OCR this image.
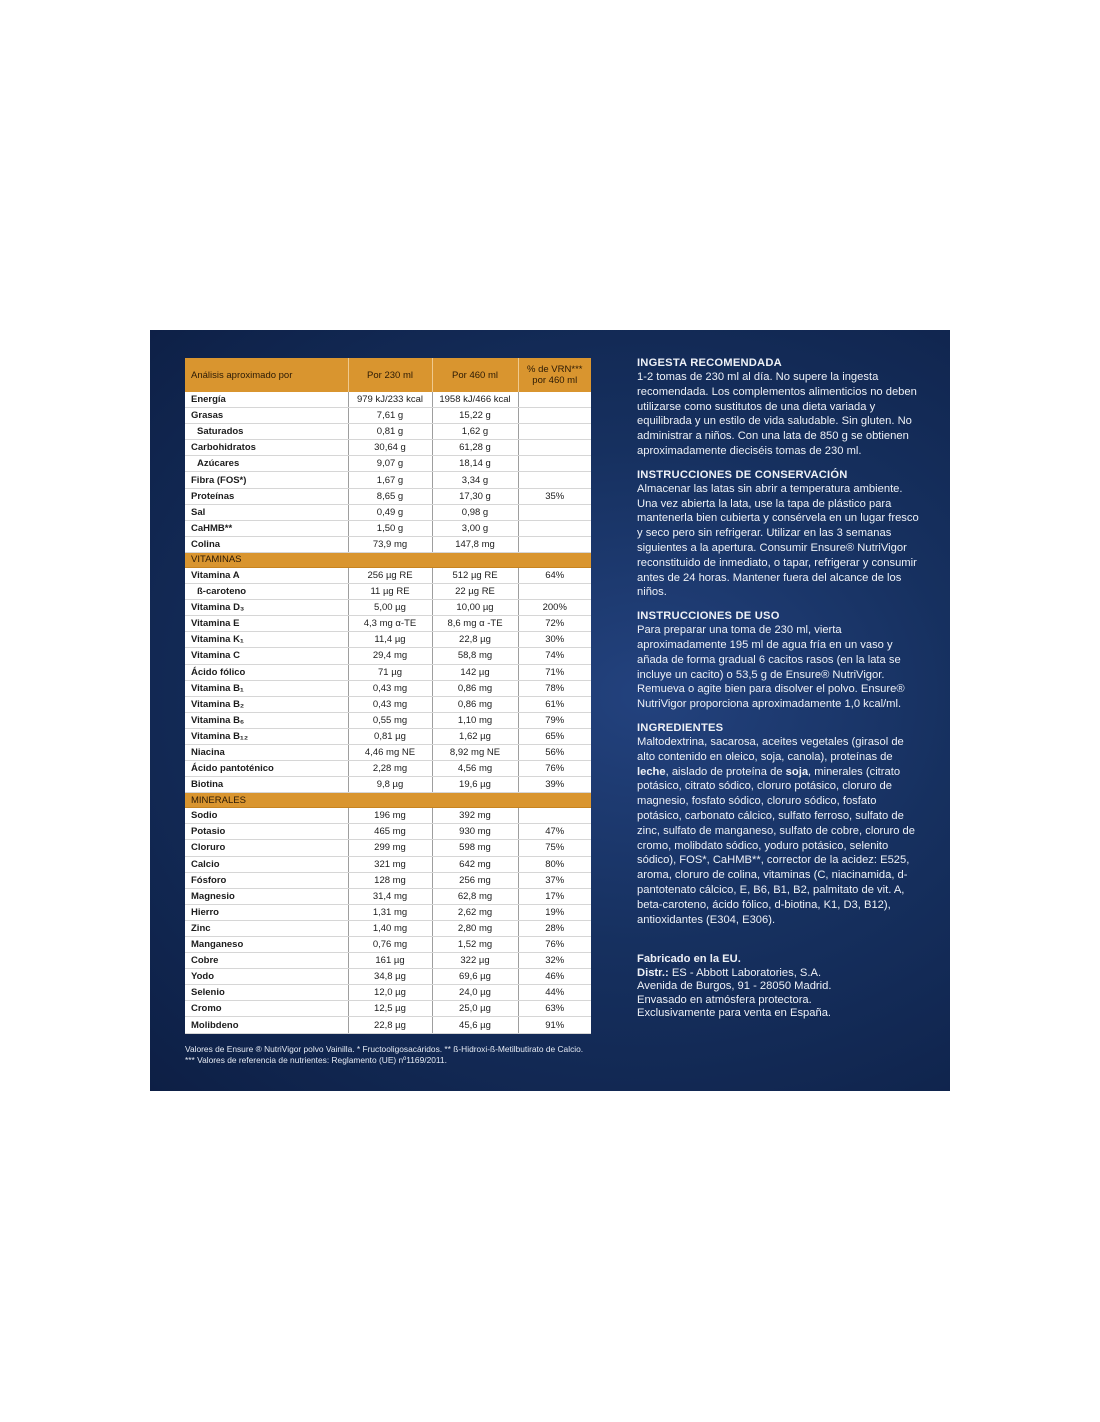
Análisis aproximado por	Por 230 ml	Por 460 ml	% de VRN*** por 460 ml
Energía	979 kJ/233 kcal	1958 kJ/466 kcal	
Grasas	7,61 g	15,22 g	
Saturados	0,81 g	1,62 g	
Carbohidratos	30,64 g	61,28 g	
Azúcares	9,07 g	18,14 g	
Fibra (FOS*)	1,67 g	3,34 g	
Proteínas	8,65 g	17,30 g	35%
Sal	0,49 g	0,98 g	
CaHMB**	1,50 g	3,00 g	
Colina	73,9 mg	147,8 mg	
VITAMINAS			
Vitamina A	256 µg RE	512 µg RE	64%
ß-caroteno	11 µg RE	22 µg RE	
Vitamina D₃	5,00 µg	10,00 µg	200%
Vitamina E	4,3 mg α-TE	8,6 mg α -TE	72%
Vitamina K₁	11,4 µg	22,8 µg	30%
Vitamina C	29,4 mg	58,8 mg	74%
Ácido fólico	71 µg	142 µg	71%
Vitamina B₁	0,43 mg	0,86 mg	78%
Vitamina B₂	0,43 mg	0,86 mg	61%
Vitamina B₆	0,55 mg	1,10 mg	79%
Vitamina B₁₂	0,81 µg	1,62 µg	65%
Niacina	4,46 mg NE	8,92 mg NE	56%
Ácido pantoténico	2,28 mg	4,56 mg	76%
Biotina	9,8 µg	19,6 µg	39%
MINERALES			
Sodio	196 mg	392 mg	
Potasio	465 mg	930 mg	47%
Cloruro	299 mg	598 mg	75%
Calcio	321 mg	642 mg	80%
Fósforo	128 mg	256 mg	37%
Magnesio	31,4 mg	62,8 mg	17%
Hierro	1,31 mg	2,62 mg	19%
Zinc	1,40 mg	2,80 mg	28%
Manganeso	0,76 mg	1,52 mg	76%
Cobre	161 µg	322 µg	32%
Yodo	34,8 µg	69,6 µg	46%
Selenio	12,0 µg	24,0 µg	44%
Cromo	12,5 µg	25,0 µg	63%
Molibdeno	22,8 µg	45,6 µg	91%
Valores de Ensure ® NutriVigor polvo Vainilla. * Fructooligosacáridos. ** ß-Hidroxi-ß-Metilbutirato de Calcio. *** Valores de referencia de nutrientes: Reglamento (UE) nº1169/2011.

INGESTA RECOMENDADA

1-2 tomas de 230 ml al día. No supere la ingesta recomendada. Los complementos alimenticios no deben utilizarse como sustitutos de una dieta variada y equilibrada y un estilo de vida saludable. Sin gluten. No administrar a niños. Con una lata de 850 g se obtienen aproximadamente dieciséis tomas de 230 ml.

INSTRUCCIONES DE CONSERVACIÓN

Almacenar las latas sin abrir a temperatura ambiente. Una vez abierta la lata, use la tapa de plástico para mantenerla bien cubierta y consérvela en un lugar fresco y seco pero sin refrigerar. Utilizar en las 3 semanas siguientes a la apertura. Consumir Ensure® NutriVigor reconstituido de inmediato, o tapar, refrigerar y consumir antes de 24 horas. Mantener fuera del alcance de los niños.

INSTRUCCIONES DE USO

Para preparar una toma de 230 ml, vierta aproximadamente 195 ml de agua fría en un vaso y añada de forma gradual 6 cacitos rasos (en la lata se incluye un cacito) o 53,5 g de Ensure® NutriVigor. Remueva o agite bien para disolver el polvo. Ensure® NutriVigor proporciona aproximadamente 1,0 kcal/ml.

INGREDIENTES

Maltodextrina, sacarosa, aceites vegetales (girasol de alto contenido en oleico, soja, canola), proteínas de leche, aislado de proteína de soja, minerales (citrato potásico, citrato sódico, cloruro potásico, cloruro de magnesio, fosfato sódico, cloruro sódico, fosfato potásico, carbonato cálcico, sulfato ferroso, sulfato de zinc, sulfato de manganeso, sulfato de cobre, cloruro de cromo, molibdato sódico, yoduro potásico, selenito sódico), FOS*, CaHMB**, corrector de la acidez: E525, aroma, cloruro de colina, vitaminas (C, niacinamida, d-pantotenato cálcico, E, B6, B1, B2, palmitato de vit. A, beta-caroteno, ácido fólico, d-biotina, K1, D3, B12), antioxidantes (E304, E306).

Fabricado en la EU.
Distr.: ES - Abbott Laboratories, S.A.
Avenida de Burgos, 91 - 28050 Madrid.
Envasado en atmósfera protectora.
Exclusivamente para venta en España.
